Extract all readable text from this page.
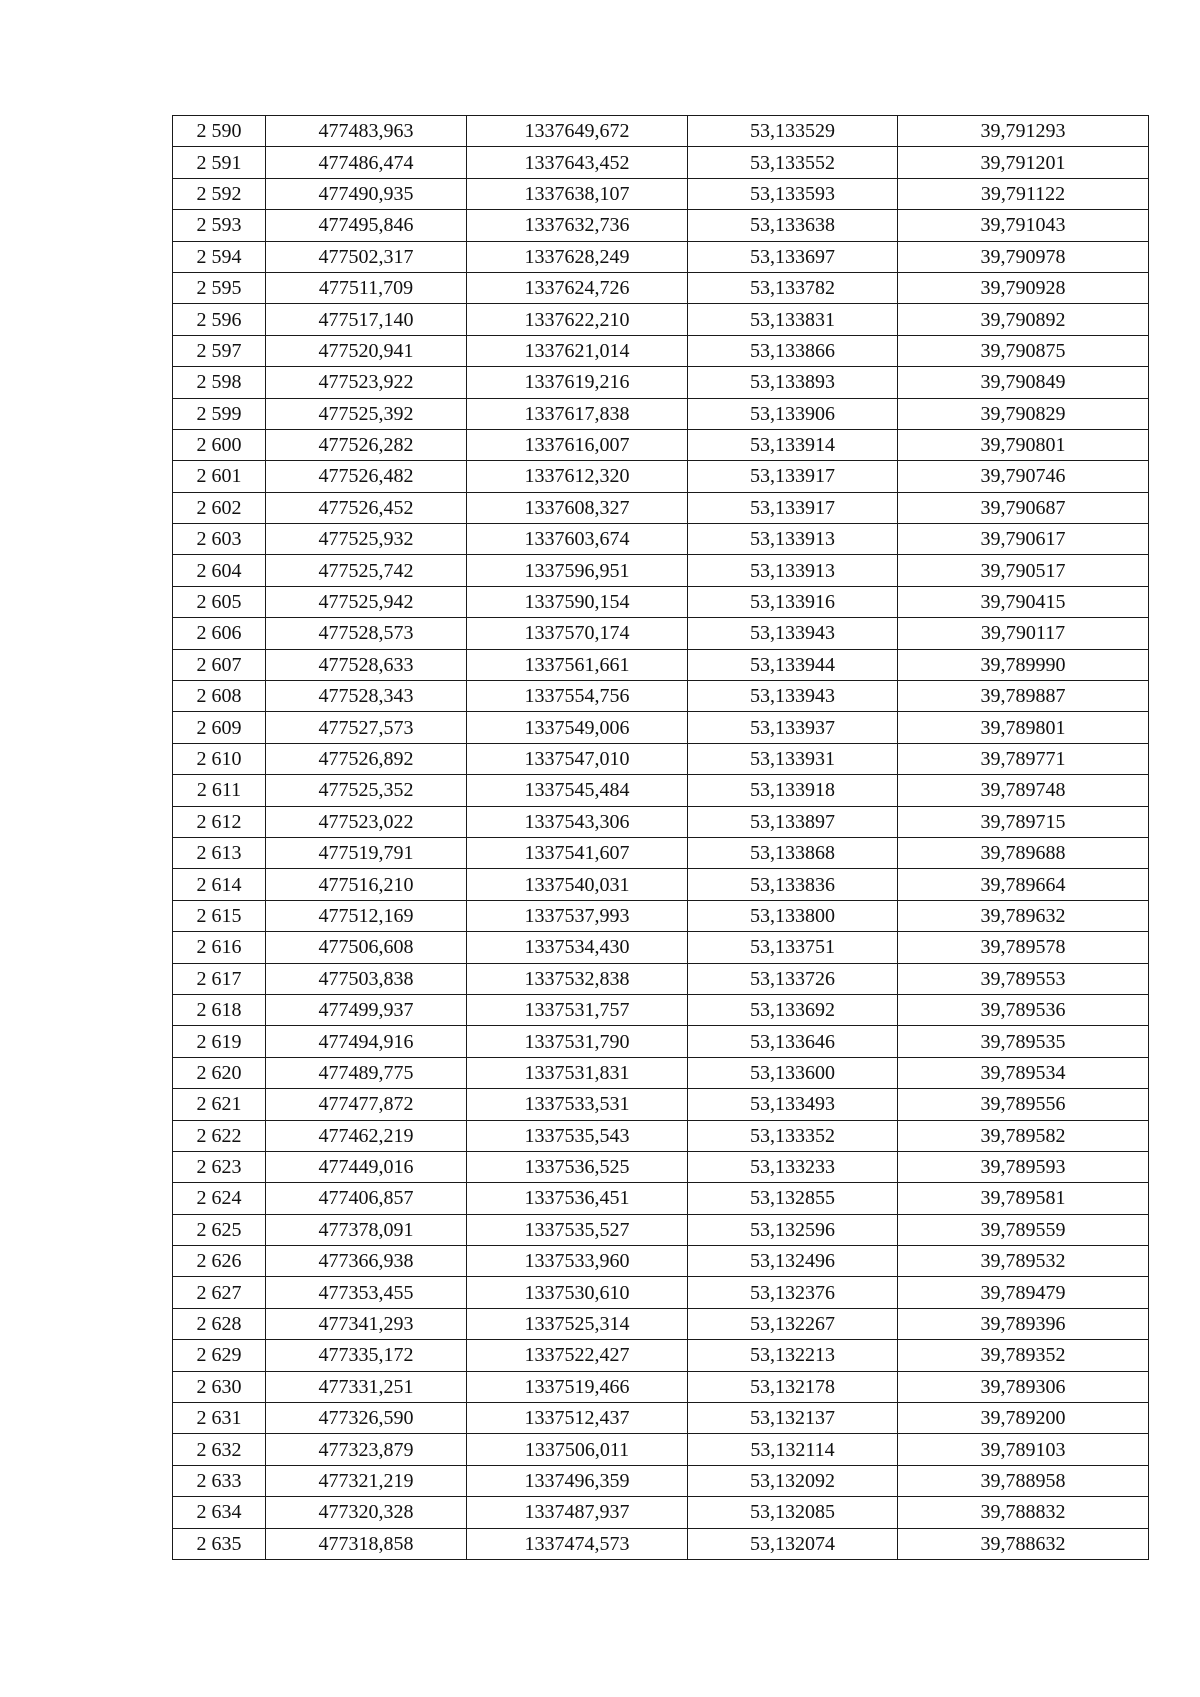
2 590	477483,963	1337649,672	53,133529	39,791293
2 591	477486,474	1337643,452	53,133552	39,791201
2 592	477490,935	1337638,107	53,133593	39,791122
2 593	477495,846	1337632,736	53,133638	39,791043
2 594	477502,317	1337628,249	53,133697	39,790978
2 595	477511,709	1337624,726	53,133782	39,790928
2 596	477517,140	1337622,210	53,133831	39,790892
2 597	477520,941	1337621,014	53,133866	39,790875
2 598	477523,922	1337619,216	53,133893	39,790849
2 599	477525,392	1337617,838	53,133906	39,790829
2 600	477526,282	1337616,007	53,133914	39,790801
2 601	477526,482	1337612,320	53,133917	39,790746
2 602	477526,452	1337608,327	53,133917	39,790687
2 603	477525,932	1337603,674	53,133913	39,790617
2 604	477525,742	1337596,951	53,133913	39,790517
2 605	477525,942	1337590,154	53,133916	39,790415
2 606	477528,573	1337570,174	53,133943	39,790117
2 607	477528,633	1337561,661	53,133944	39,789990
2 608	477528,343	1337554,756	53,133943	39,789887
2 609	477527,573	1337549,006	53,133937	39,789801
2 610	477526,892	1337547,010	53,133931	39,789771
2 611	477525,352	1337545,484	53,133918	39,789748
2 612	477523,022	1337543,306	53,133897	39,789715
2 613	477519,791	1337541,607	53,133868	39,789688
2 614	477516,210	1337540,031	53,133836	39,789664
2 615	477512,169	1337537,993	53,133800	39,789632
2 616	477506,608	1337534,430	53,133751	39,789578
2 617	477503,838	1337532,838	53,133726	39,789553
2 618	477499,937	1337531,757	53,133692	39,789536
2 619	477494,916	1337531,790	53,133646	39,789535
2 620	477489,775	1337531,831	53,133600	39,789534
2 621	477477,872	1337533,531	53,133493	39,789556
2 622	477462,219	1337535,543	53,133352	39,789582
2 623	477449,016	1337536,525	53,133233	39,789593
2 624	477406,857	1337536,451	53,132855	39,789581
2 625	477378,091	1337535,527	53,132596	39,789559
2 626	477366,938	1337533,960	53,132496	39,789532
2 627	477353,455	1337530,610	53,132376	39,789479
2 628	477341,293	1337525,314	53,132267	39,789396
2 629	477335,172	1337522,427	53,132213	39,789352
2 630	477331,251	1337519,466	53,132178	39,789306
2 631	477326,590	1337512,437	53,132137	39,789200
2 632	477323,879	1337506,011	53,132114	39,789103
2 633	477321,219	1337496,359	53,132092	39,788958
2 634	477320,328	1337487,937	53,132085	39,788832
2 635	477318,858	1337474,573	53,132074	39,788632
